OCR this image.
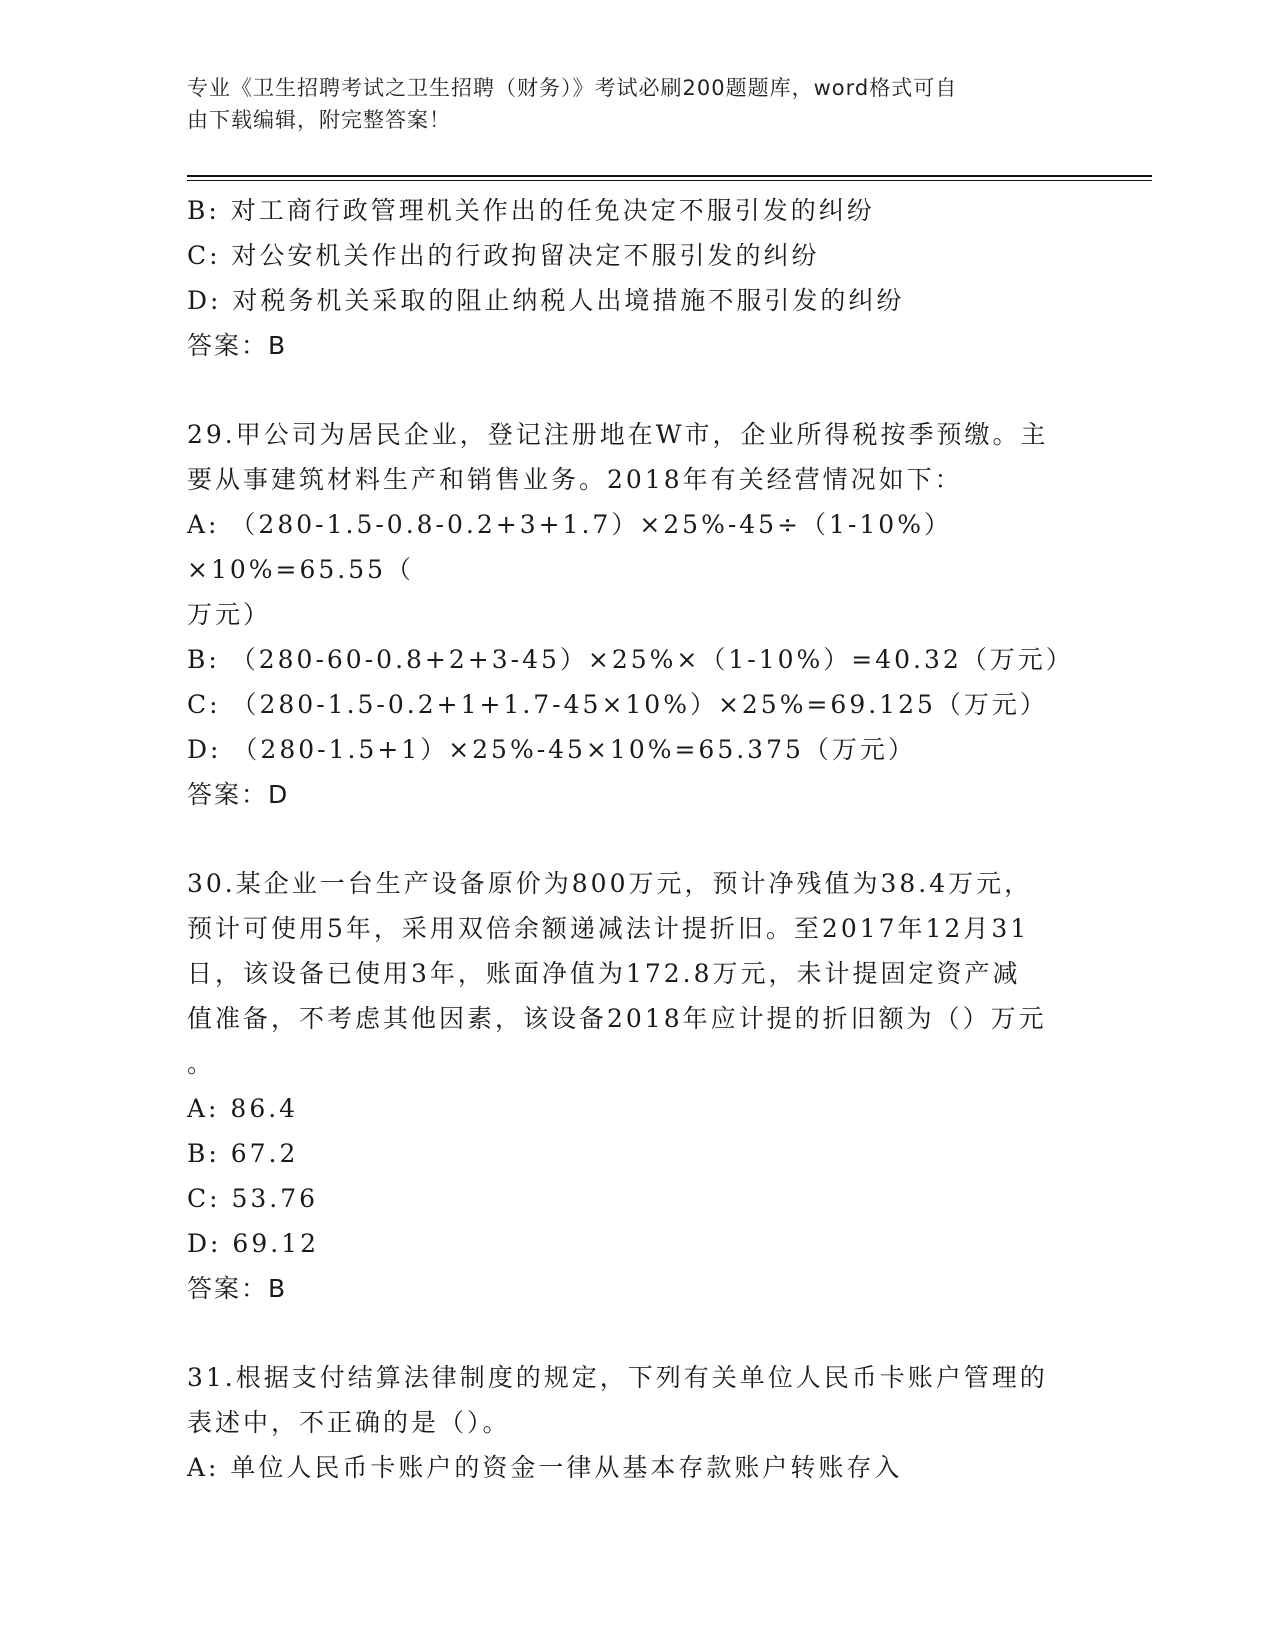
专业《卫生招聘考试之卫生招聘（财务）》考试必刷200题题库，word格式可自
由下载编辑，附完整答案！
B: 对工商行政管理机关作出的任免决定不服引发的纠纷
C: 对公安机关作出的行政拘留决定不服引发的纠纷
D: 对税务机关采取的阻止纳税人出境措施不服引发的纠纷
答案：B
29.甲公司为居民企业，登记注册地在W市，企业所得税按季预缴。主
要从事建筑材料生产和销售业务。2018年有关经营情况如下：
A: （280-1.5-0.8-0.2+3+1.7）×25%-45÷（1-10%）×10%=65.55（
万元）
B: （280-60-0.8+2+3-45）×25%×（1-10%）=40.32（万元）
C: （280-1.5-0.2+1+1.7-45×10%）×25%=69.125（万元）
D: （280-1.5+1）×25%-45×10%=65.375（万元）
答案：D
30.某企业一台生产设备原价为800万元，预计净残值为38.4万元，
预计可使用5年，采用双倍余额递减法计提折旧。至2017年12月31
日，该设备已使用3年，账面净值为172.8万元，未计提固定资产减
值准备，不考虑其他因素，该设备2018年应计提的折旧额为（）万元
。
A: 86.4
B: 67.2
C: 53.76
D: 69.12
答案：B
31.根据支付结算法律制度的规定，下列有关单位人民币卡账户管理的
表述中，不正确的是（）。
A: 单位人民币卡账户的资金一律从基本存款账户转账存入
